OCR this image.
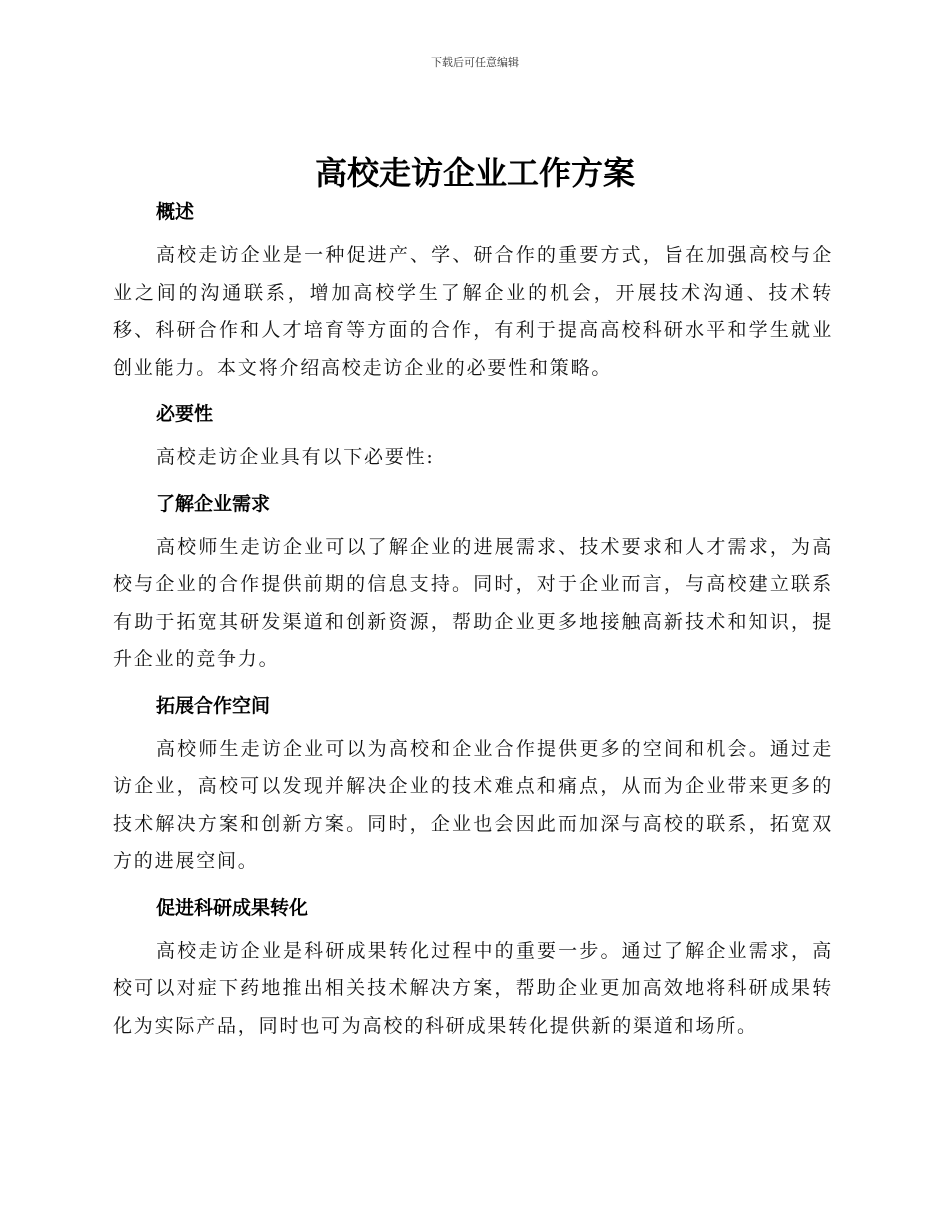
下载后可任意编辑
高校走访企业工作方案
概述

高校走访企业是一种促进产、学、研合作的重要方式，旨在加强高校与企业之间的沟通联系，增加高校学生了解企业的机会，开展技术沟通、技术转移、科研合作和人才培育等方面的合作，有利于提高高校科研水平和学生就业创业能力。本文将介绍高校走访企业的必要性和策略。

必要性

高校走访企业具有以下必要性:

了解企业需求

高校师生走访企业可以了解企业的进展需求、技术要求和人才需求，为高校与企业的合作提供前期的信息支持。同时，对于企业而言，与高校建立联系有助于拓宽其研发渠道和创新资源，帮助企业更多地接触高新技术和知识，提升企业的竞争力。

拓展合作空间

高校师生走访企业可以为高校和企业合作提供更多的空间和机会。通过走访企业，高校可以发现并解决企业的技术难点和痛点，从而为企业带来更多的技术解决方案和创新方案。同时，企业也会因此而加深与高校的联系，拓宽双方的进展空间。

促进科研成果转化

高校走访企业是科研成果转化过程中的重要一步。通过了解企业需求，高校可以对症下药地推出相关技术解决方案，帮助企业更加高效地将科研成果转化为实际产品，同时也可为高校的科研成果转化提供新的渠道和场所。
